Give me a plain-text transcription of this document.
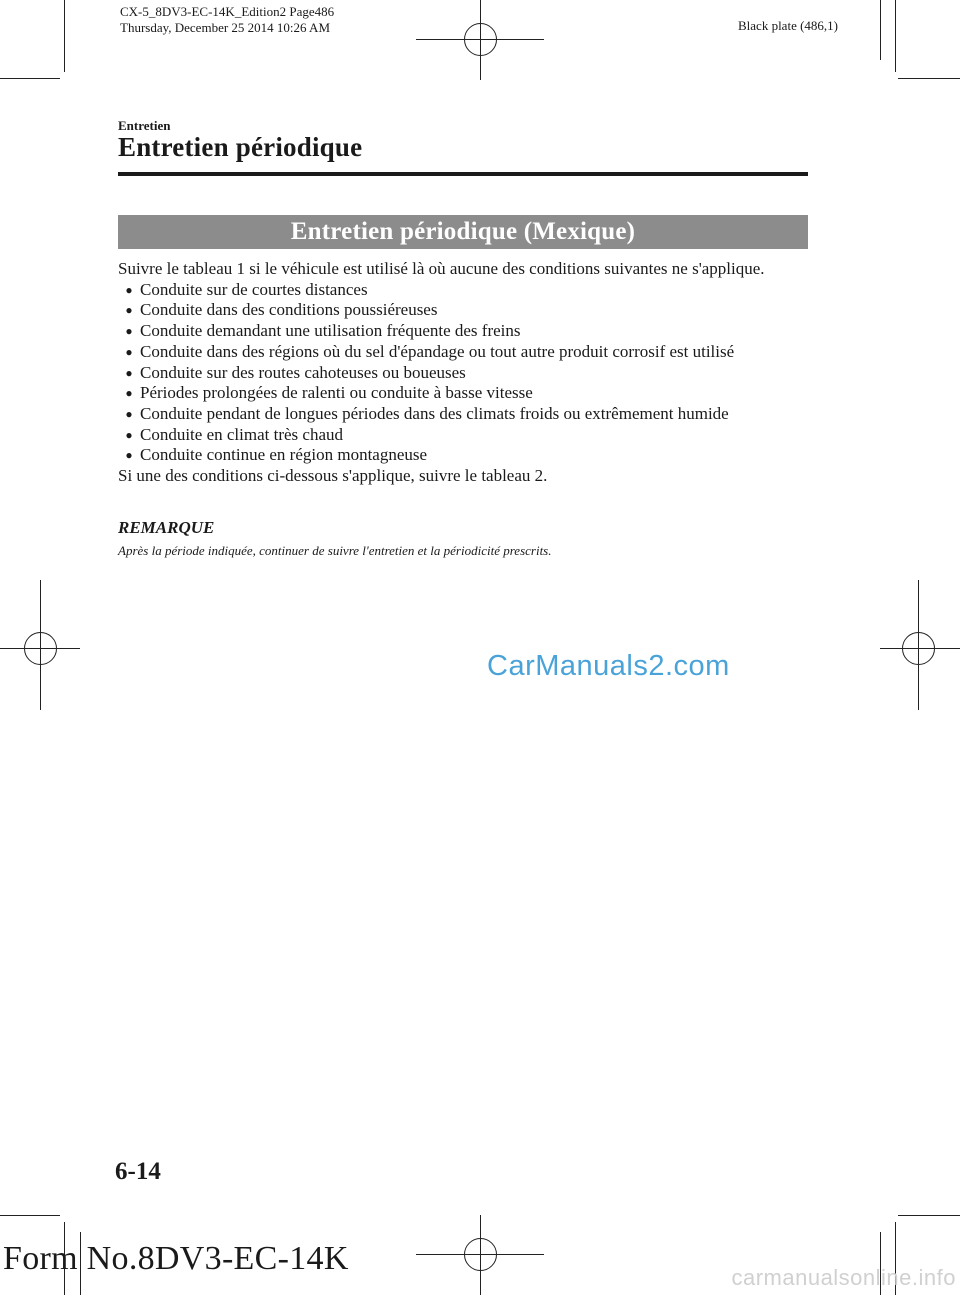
CX-5_8DV3-EC-14K_Edition2 Page486
Thursday, December 25 2014 10:26 AM	Black plate (486,1)
Entretien
Entretien périodique
Entretien périodique (Mexique)

Suivre le tableau 1 si le véhicule est utilisé là où aucune des conditions suivantes ne s'applique.

● Conduite sur de courtes distances
● Conduite dans des conditions poussiéreuses
● Conduite demandant une utilisation fréquente des freins
● Conduite dans des régions où du sel d'épandage ou tout autre produit corrosif est utilisé
● Conduite sur des routes cahoteuses ou boueuses
● Périodes prolongées de ralenti ou conduite à basse vitesse
● Conduite pendant de longues périodes dans des climats froids ou extrêmement humide
● Conduite en climat très chaud
● Conduite continue en région montagneuse

Si une des conditions ci-dessous s'applique, suivre le tableau 2.

REMARQUE
Après la période indiquée, continuer de suivre l'entretien et la périodicité prescrits.
CarManuals2.com
6-14
Form No.8DV3-EC-14K
carmanualsonline.info
